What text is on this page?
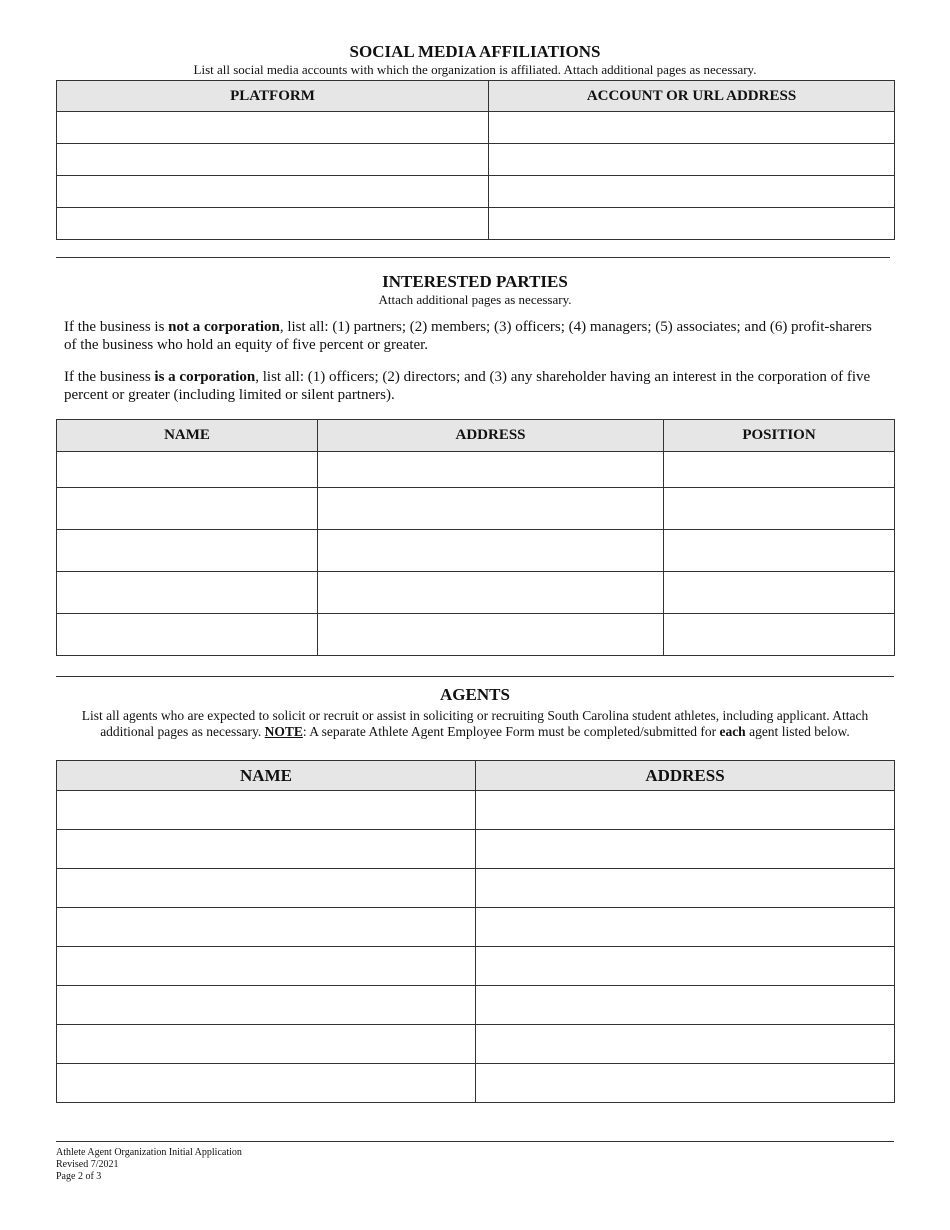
SOCIAL MEDIA AFFILIATIONS
List all social media accounts with which the organization is affiliated. Attach additional pages as necessary.
PLATFORM	ACCOUNT OR URL ADDRESS

INTERESTED PARTIES
Attach additional pages as necessary.
If the business is not a corporation, list all: (1) partners; (2) members; (3) officers; (4) managers; (5) associates; and (6) profit-sharers of the business who hold an equity of five percent or greater.
If the business is a corporation, list all: (1) officers; (2) directors; and (3) any shareholder having an interest in the corporation of five percent or greater (including limited or silent partners).
NAME	ADDRESS	POSITION

AGENTS
List all agents who are expected to solicit or recruit or assist in soliciting or recruiting South Carolina student athletes, including applicant. Attach additional pages as necessary. NOTE: A separate Athlete Agent Employee Form must be completed/submitted for each agent listed below.
NAME	ADDRESS

Athlete Agent Organization Initial Application
Revised 7/2021
Page 2 of 3
